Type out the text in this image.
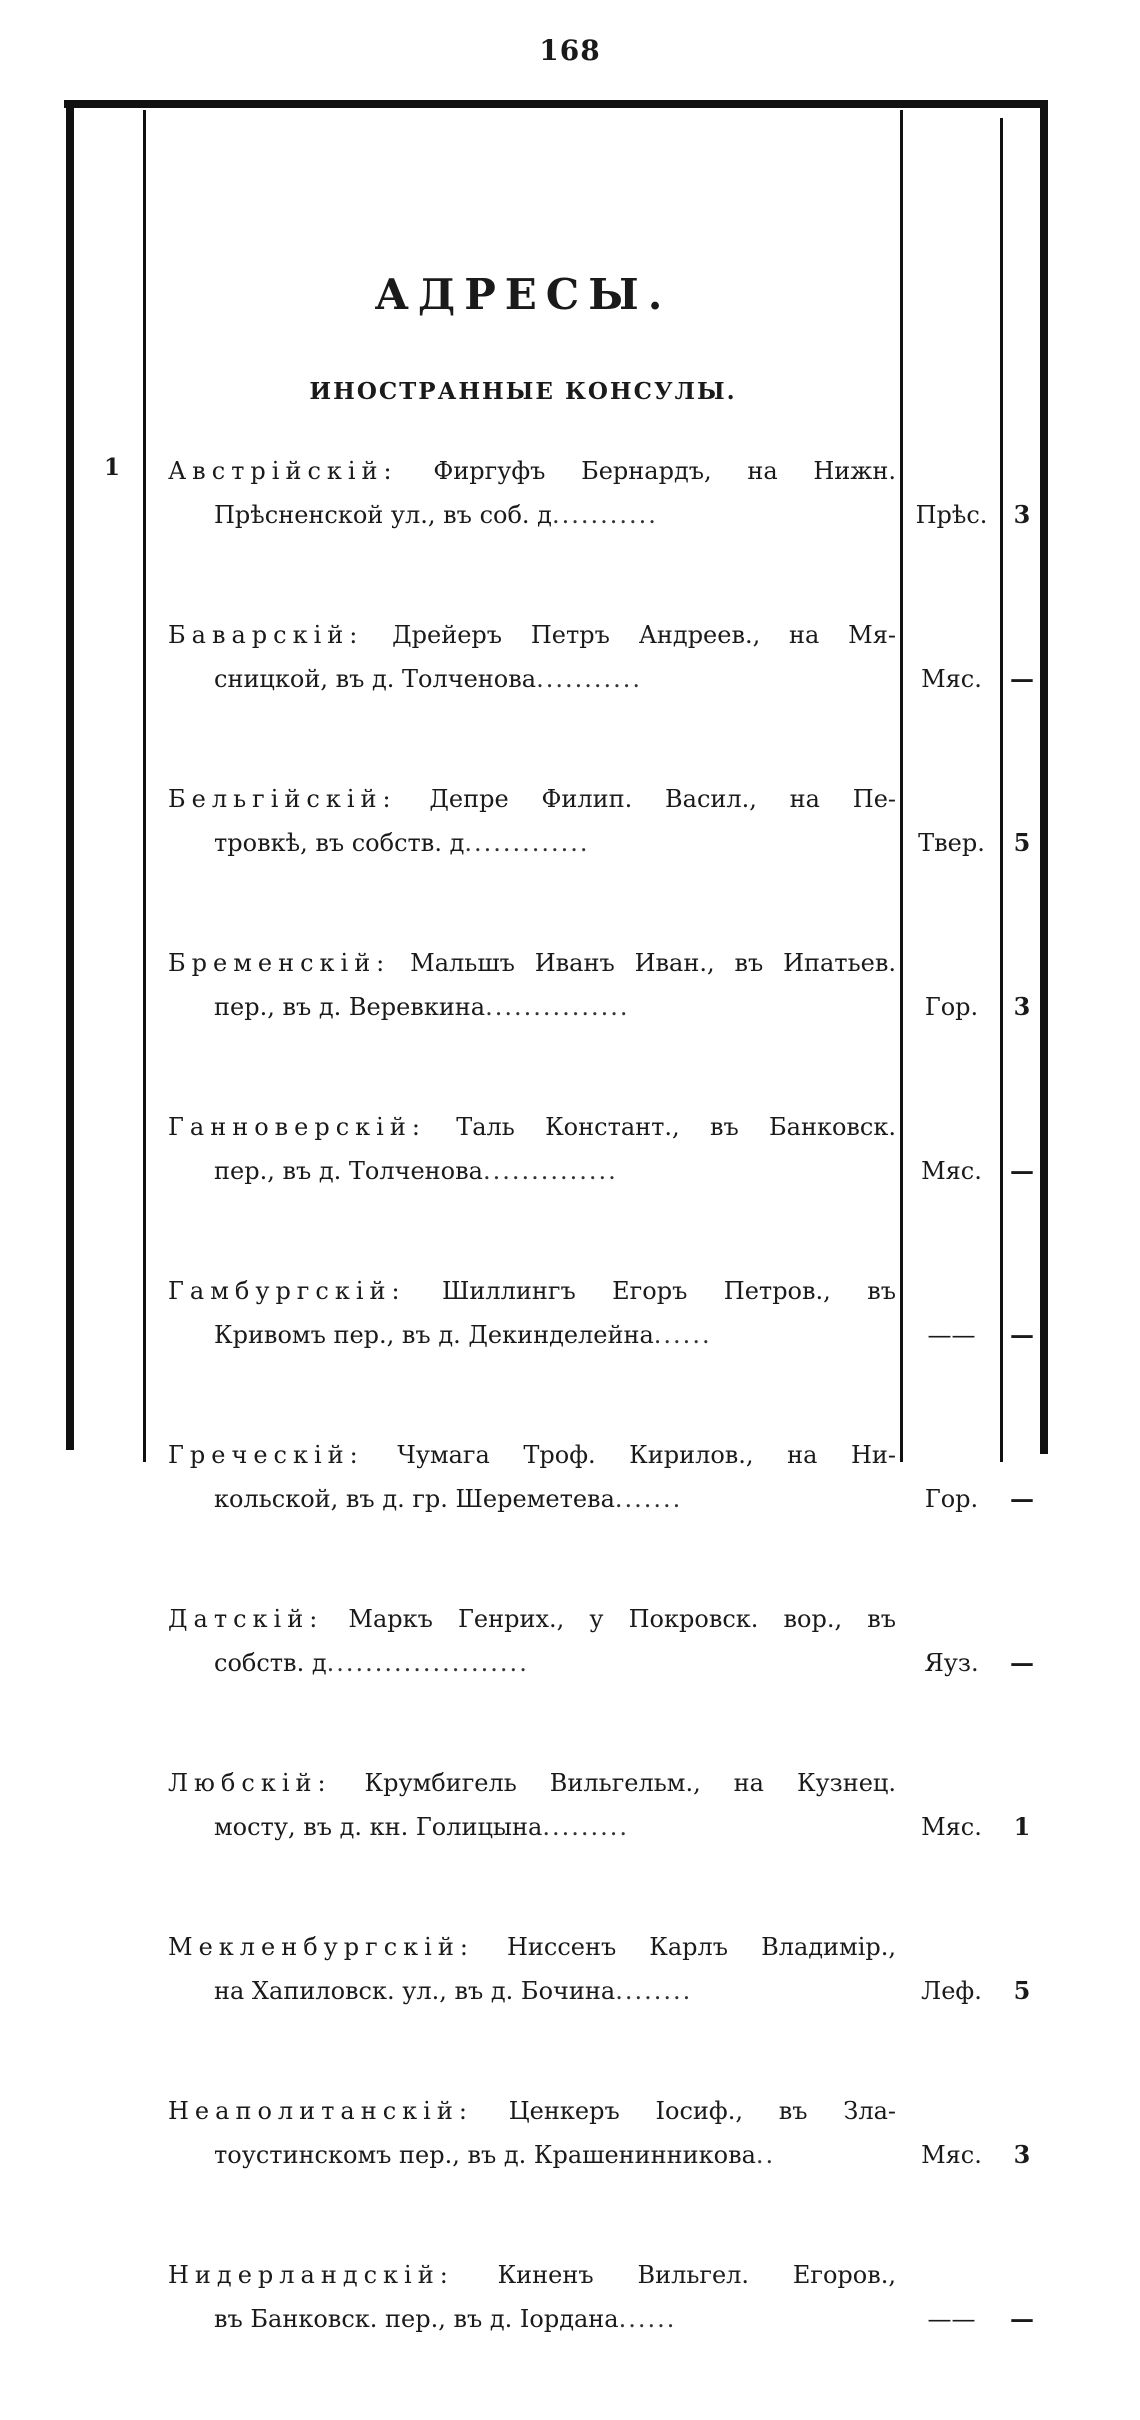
168
АДРЕСЫ.
ИНОСТРАННЫЕ КОНСУЛЫ.
1 Австрійскій: Фиргуфъ Бернардъ, на Нижн.
Прѣсненской ул., въ соб. д...........	Прѣс.	3
Баварскій: Дрейеръ Петръ Андреев., на Мя-
сницкой, въ д. Толченова...........	Мяс.	—
Бельгійскій: Депре Филип. Васил., на Пе-
тровкѣ, въ собств. д.............	Твер.	5
Бременскій: Мальшъ Иванъ Иван., въ Ипатьев.
пер., въ д. Веревкина...............	Гор.	3
Ганноверскій: Таль Констант., въ Банковск.
пер., въ д. Толченова..............	Мяс.	—
Гамбургскій: Шиллингъ Егоръ Петров., въ
Кривомъ пер., въ д. Декинделейна......	——	—
Греческій: Чумага Троф. Кирилов., на Ни-
кольской, въ д. гр. Шереметева.......	Гор.	—
Датскій: Маркъ Генрих., у Покровск. вор., въ
собств. д.....................	Яуз.	—
Любскій: Крумбигель Вильгельм., на Кузнец.
мосту, въ д. кн. Голицына.........	Мяс.	1
Мекленбургскій: Ниссенъ Карлъ Владимір.,
на Хапиловск. ул., въ д. Бочина........	Леф.	5
Неаполитанскій: Ценкеръ Іосиф., въ Зла-
тоустинскомъ пер., въ д. Крашенинникова..	Мяс.	3
Нидерландскій: Киненъ Вильгел. Егоров.,
въ Банковск. пер., въ д. Іордана......	——	—
